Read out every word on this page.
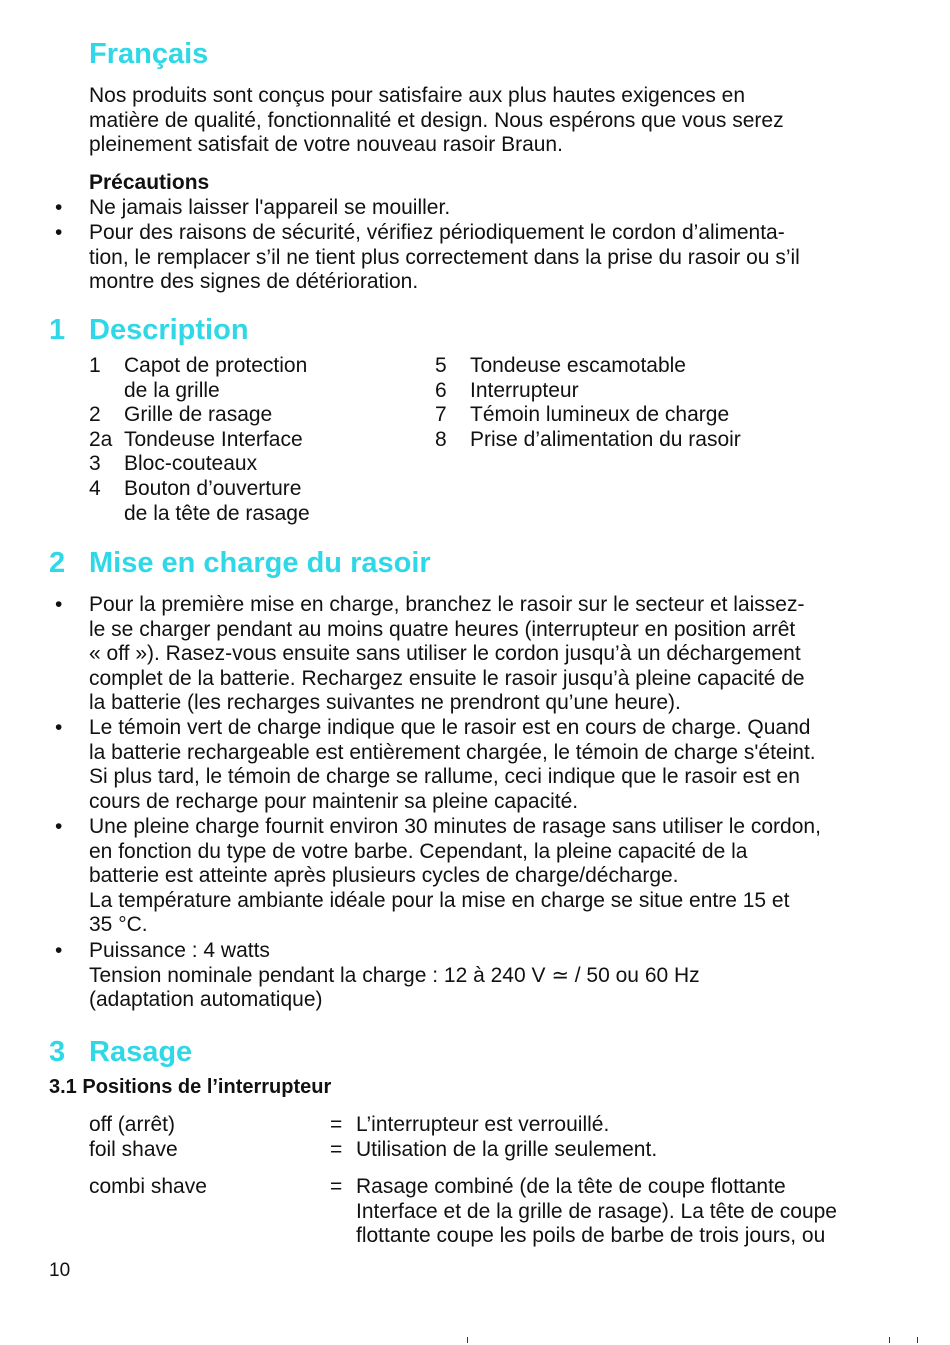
Français
Nos produits sont conçus pour satisfaire aux plus hautes exigences en
matière de qualité, fonctionnalité et design. Nous espérons que vous serez
pleinement satisfait de votre nouveau rasoir Braun.
Précautions
• Ne jamais laisser l'appareil se mouiller.
• Pour des raisons de sécurité, vérifiez périodiquement le cordon d’alimenta-
tion, le remplacer s’il ne tient plus correctement dans la prise du rasoir ou s’il
montre des signes de détérioration.
1 Description
1 Capot de protection
de la grille
2 Grille de rasage
2a Tondeuse Interface
3 Bloc-couteaux
4 Bouton d’ouverture
de la tête de rasage
5 Tondeuse escamotable
6 Interrupteur
7 Témoin lumineux de charge
8 Prise d’alimentation du rasoir
2 Mise en charge du rasoir
• Pour la première mise en charge, branchez le rasoir sur le secteur et laissez-
le se charger pendant au moins quatre heures (interrupteur en position arrêt
« off »). Rasez-vous ensuite sans utiliser le cordon jusqu’à un déchargement
complet de la batterie. Rechargez ensuite le rasoir jusqu’à pleine capacité de
la batterie (les recharges suivantes ne prendront qu’une heure).
• Le témoin vert de charge indique que le rasoir est en cours de charge. Quand
la batterie rechargeable est entièrement chargée, le témoin de charge s'éteint.
Si plus tard, le témoin de charge se rallume, ceci indique que le rasoir est en
cours de recharge pour maintenir sa pleine capacité.
• Une pleine charge fournit environ 30 minutes de rasage sans utiliser le cordon,
en fonction du type de votre barbe. Cependant, la pleine capacité de la
batterie est atteinte après plusieurs cycles de charge/décharge.
La température ambiante idéale pour la mise en charge se situe entre 15 et
35 °C.
• Puissance : 4 watts
Tension nominale pendant la charge : 12 à 240 V ≃ / 50 ou 60 Hz
(adaptation automatique)
3 Rasage
3.1 Positions de l’interrupteur
off (arrêt)	= L’interrupteur est verrouillé.
foil shave	= Utilisation de la grille seulement.
combi shave	= Rasage combiné (de la tête de coupe flottante
Interface et de la grille de rasage). La tête de coupe
flottante coupe les poils de barbe de trois jours, ou
10
